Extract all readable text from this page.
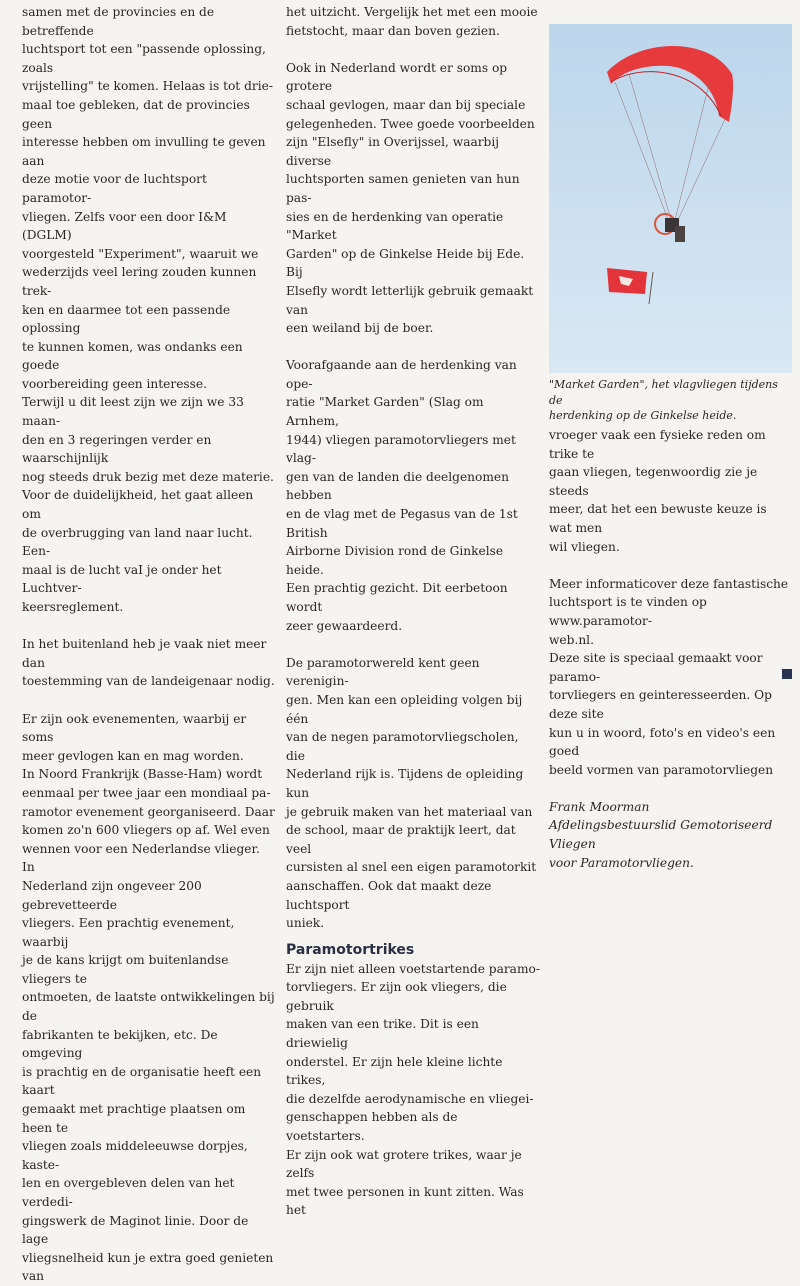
samen met de provincies en de betreffende
luchtsport tot een "passende oplossing, zoals
vrijstelling" te komen. Helaas is tot drie-
maal toe gebleken, dat de provincies geen
interesse hebben om invulling te geven aan
deze motie voor de luchtsport paramotor-
vliegen. Zelfs voor een door I&M (DGLM)
voorgesteld "Experiment", waaruit we
wederzijds veel lering zouden kunnen trek-
ken en daarmee tot een passende oplossing
te kunnen komen, was ondanks een goede
voorbereiding geen interesse.
Terwijl u dit leest zijn we zijn we 33 maan-
den en 3 regeringen verder en waarschijnlijk
nog steeds druk bezig met deze materie.
Voor de duidelijkheid, het gaat alleen om
de overbrugging van land naar lucht. Een-
maal is de lucht vaI je onder het Luchtver-
keersreglement.

In het buitenland heb je vaak niet meer dan
toestemming van de landeigenaar nodig.

Er zijn ook evenementen, waarbij er soms
meer gevlogen kan en mag worden.
In Noord Frankrijk (Basse-Ham) wordt
eenmaal per twee jaar een mondiaal pa-
ramotor evenement georganiseerd. Daar
komen zo'n 600 vliegers op af. Wel even
wennen voor een Nederlandse vlieger. In
Nederland zijn ongeveer 200 gebrevetteerde
vliegers. Een prachtig evenement, waarbij
je de kans krijgt om buitenlandse vliegers te
ontmoeten, de laatste ontwikkelingen bij de
fabrikanten te bekijken, etc. De omgeving
is prachtig en de organisatie heeft een kaart
gemaakt met prachtige plaatsen om heen te
vliegen zoals middeleeuwse dorpjes, kaste-
len en overgebleven delen van het verdedi-
gingswerk de Maginot linie. Door de lage
vliegsnelheid kun je extra goed genieten van

het uitzicht. Vergelijk het met een mooie
fietstocht, maar dan boven gezien.

Ook in Nederland wordt er soms op grotere
schaal gevlogen, maar dan bij speciale
gelegenheden. Twee goede voorbeelden
zijn "Elsefly" in Overijssel, waarbij diverse
luchtsporten samen genieten van hun pas-
sies en de herdenking van operatie "Market
Garden" op de Ginkelse Heide bij Ede. Bij
Elsefly wordt letterlijk gebruik gemaakt van
een weiland bij de boer.

Voorafgaande aan de herdenking van ope-
ratie "Market Garden" (Slag om Arnhem,
1944) vliegen paramotorvliegers met vlag-
gen van de landen die deelgenomen hebben
en de vlag met de Pegasus van de 1st British
Airborne Division rond de Ginkelse heide.
Een prachtig gezicht. Dit eerbetoon wordt
zeer gewaardeerd.

De paramotorwereld kent geen verenigin-
gen. Men kan een opleiding volgen bij één
van de negen paramotorvliegscholen, die
Nederland rijk is. Tijdens de opleiding kun
je gebruik maken van het materiaal van
de school, maar de praktijk leert, dat veel
cursisten al snel een eigen paramotorkit
aanschaffen. Ook dat maakt deze luchtsport
uniek.

Paramotortrikes

Er zijn niet alleen voetstartende paramo-
torvliegers. Er zijn ook vliegers, die gebruik
maken van een trike. Dit is een driewielig
onderstel. Er zijn hele kleine lichte trikes,
die dezelfde aerodynamische en vliegei-
genschappen hebben als de voetstarters.
Er zijn ook wat grotere trikes, waar je zelfs
met twee personen in kunt zitten. Was het

"Market Garden", het vlagvliegen tijdens de
herdenking op de Ginkelse heide.

vroeger vaak een fysieke reden om trike te
gaan vliegen, tegenwoordig zie je steeds
meer, dat het een bewuste keuze is wat men
wil vliegen.

Meer informaticover deze fantastische
luchtsport is te vinden op www.paramotor-
web.nl.
Deze site is speciaal gemaakt voor paramo-
torvliegers en geinteresseerden. Op deze site
kun u in woord, foto's en video's een goed
beeld vormen van paramotorvliegen

Frank Moorman
Afdelingsbestuurslid Gemotoriseerd Vliegen
voor Paramotorvliegen.
